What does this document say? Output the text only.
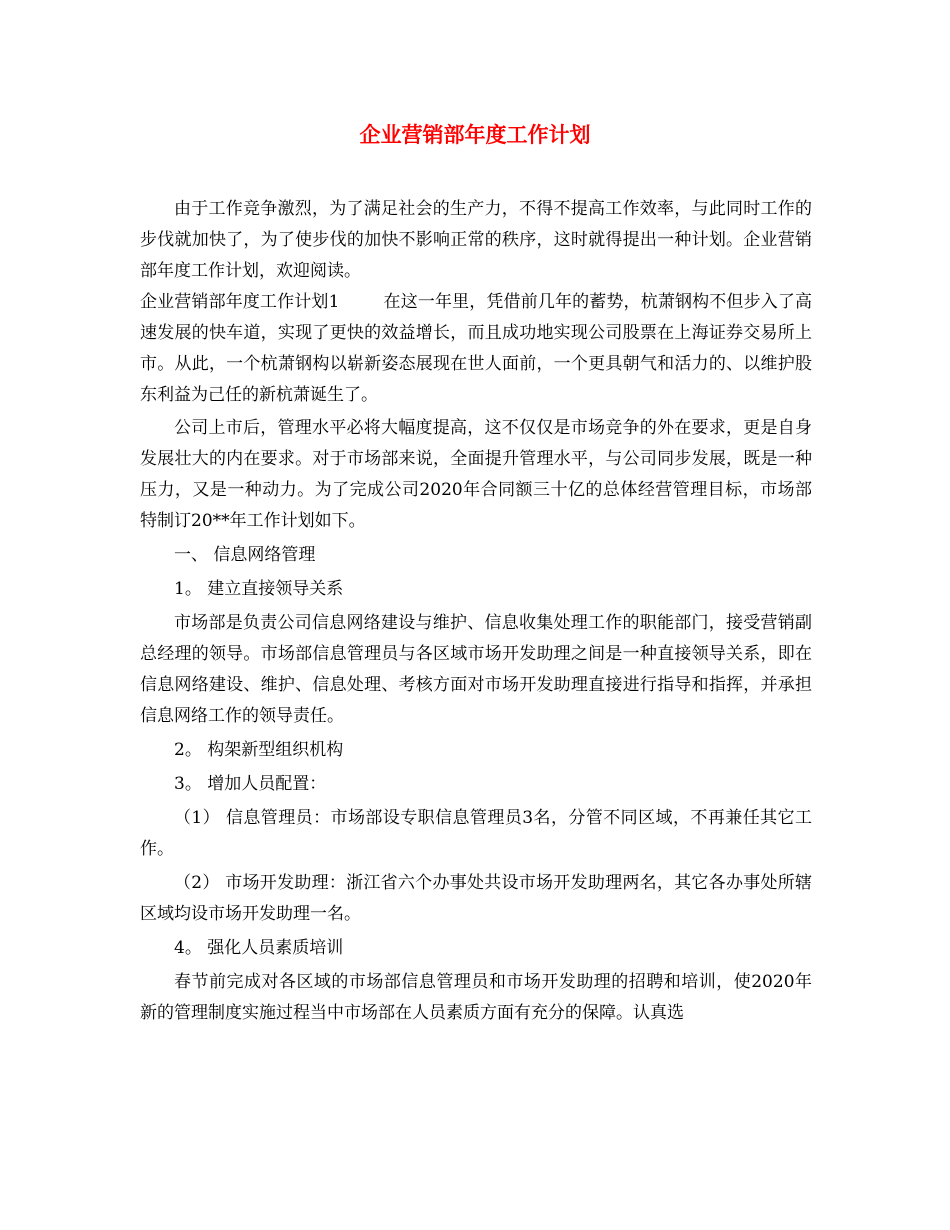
企业营销部年度工作计划

由于工作竞争激烈，为了满足社会的生产力，不得不提高工作效率，与此同时工作的步伐就加快了，为了使步伐的加快不影响正常的秩序，这时就得提出一种计划。企业营销部年度工作计划，欢迎阅读。

企业营销部年度工作计划1	在这一年里，凭借前几年的蓄势，杭萧钢构不但步入了高速发展的快车道，实现了更快的效益增长，而且成功地实现公司股票在上海证券交易所上市。从此，一个杭萧钢构以崭新姿态展现在世人面前，一个更具朝气和活力的、以维护股东利益为己任的新杭萧诞生了。

公司上市后，管理水平必将大幅度提高，这不仅仅是市场竞争的外在要求，更是自身发展壮大的内在要求。对于市场部来说，全面提升管理水平，与公司同步发展，既是一种压力，又是一种动力。为了完成公司2020年合同额三十亿的总体经营管理目标，市场部特制订20**年工作计划如下。

一、 信息网络管理

1。 建立直接领导关系

市场部是负责公司信息网络建设与维护、信息收集处理工作的职能部门，接受营销副总经理的领导。市场部信息管理员与各区域市场开发助理之间是一种直接领导关系，即在信息网络建设、维护、信息处理、考核方面对市场开发助理直接进行指导和指挥，并承担信息网络工作的领导责任。

2。 构架新型组织机构

3。 增加人员配置：

（1） 信息管理员：市场部设专职信息管理员3名，分管不同区域，不再兼任其它工作。

（2） 市场开发助理：浙江省六个办事处共设市场开发助理两名，其它各办事处所辖区域均设市场开发助理一名。

4。 强化人员素质培训

春节前完成对各区域的市场部信息管理员和市场开发助理的招聘和培训，使2020年新的管理制度实施过程当中市场部在人员素质方面有充分的保障。认真选
